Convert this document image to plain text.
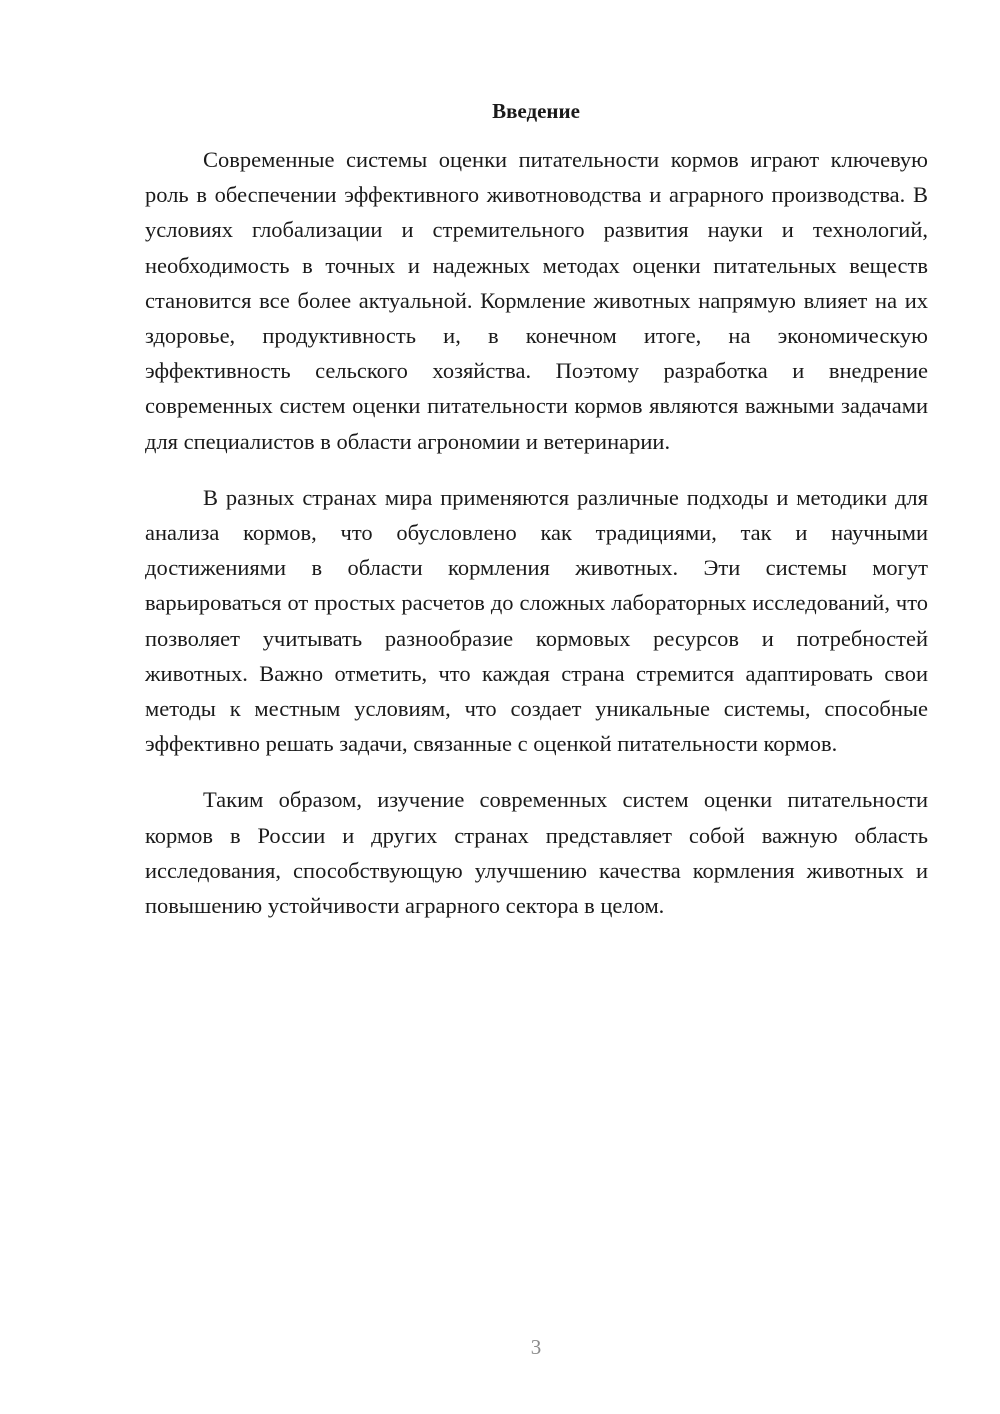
Введение

Современные системы оценки питательности кормов играют ключевую роль в обеспечении эффективного животноводства и аграрного производства. В условиях глобализации и стремительного развития науки и технологий, необходимость в точных и надежных методах оценки питательных веществ становится все более актуальной. Кормление животных напрямую влияет на их здоровье, продуктивность и, в конечном итоге, на экономическую эффективность сельского хозяйства. Поэтому разработка и внедрение современных систем оценки питательности кормов являются важными задачами для специалистов в области агрономии и ветеринарии.

В разных странах мира применяются различные подходы и методики для анализа кормов, что обусловлено как традициями, так и научными достижениями в области кормления животных. Эти системы могут варьироваться от простых расчетов до сложных лабораторных исследований, что позволяет учитывать разнообразие кормовых ресурсов и потребностей животных. Важно отметить, что каждая страна стремится адаптировать свои методы к местным условиям, что создает уникальные системы, способные эффективно решать задачи, связанные с оценкой питательности кормов.

Таким образом, изучение современных систем оценки питательности кормов в России и других странах представляет собой важную область исследования, способствующую улучшению качества кормления животных и повышению устойчивости аграрного сектора в целом.

3
